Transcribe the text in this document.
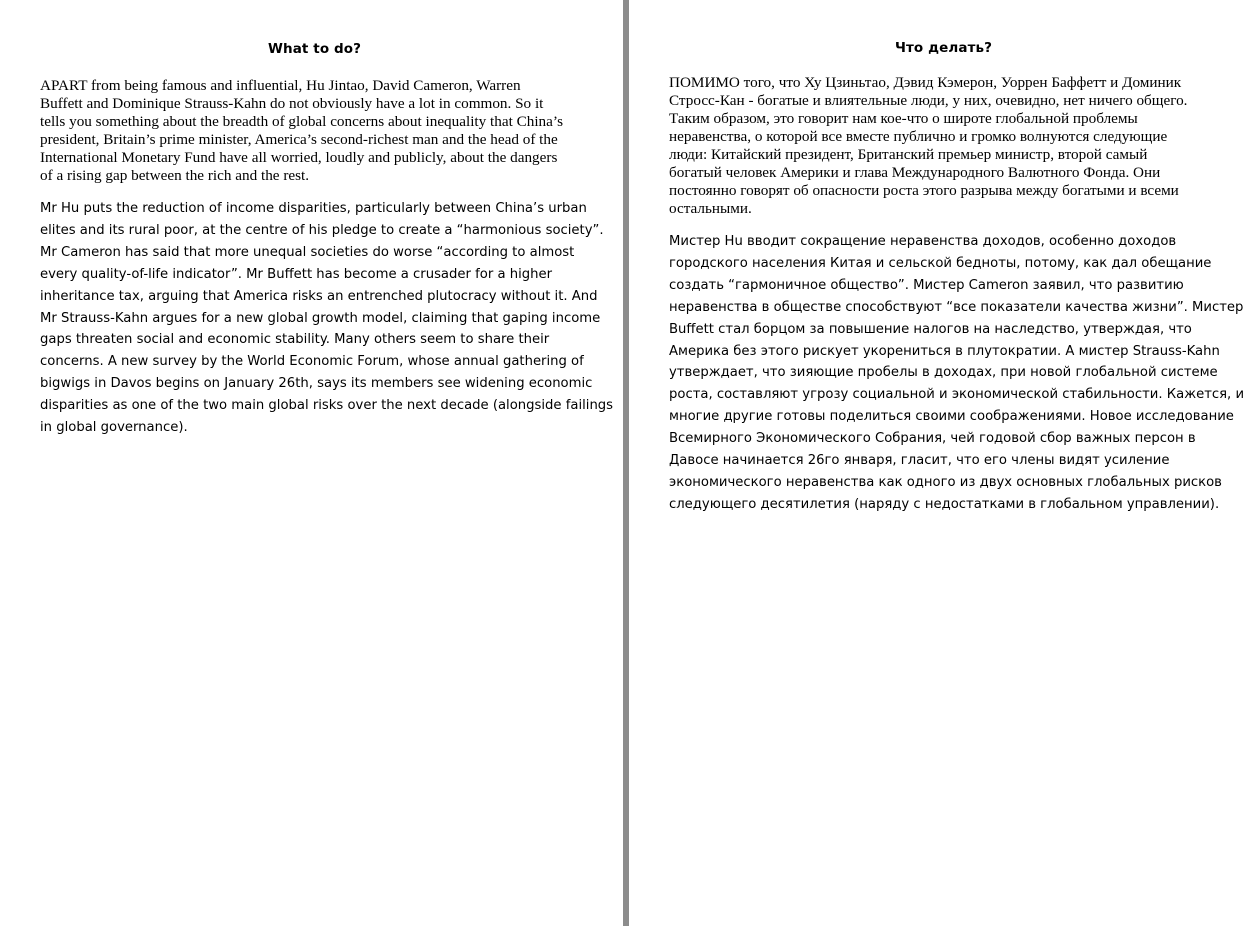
What to do?
APART from being famous and influential, Hu Jintao, David Cameron, Warren
Buffett and Dominique Strauss-Kahn do not obviously have a lot in common. So it
tells you something about the breadth of global concerns about inequality that China’s
president, Britain’s prime minister, America’s second-richest man and the head of the
International Monetary Fund have all worried, loudly and publicly, about the dangers
of a rising gap between the rich and the rest.
Mr Hu puts the reduction of income disparities, particularly between China’s urban
elites and its rural poor, at the centre of his pledge to create a “harmonious society”.
Mr Cameron has said that more unequal societies do worse “according to almost
every quality-of-life indicator”. Mr Buffett has become a crusader for a higher
inheritance tax, arguing that America risks an entrenched plutocracy without it. And
Mr Strauss-Kahn argues for a new global growth model, claiming that gaping income
gaps threaten social and economic stability. Many others seem to share their
concerns. A new survey by the World Economic Forum, whose annual gathering of
bigwigs in Davos begins on January 26th, says its members see widening economic
disparities as one of the two main global risks over the next decade (alongside failings
in global governance).
Что делать?
ПОМИМО того, что Ху Цзиньтао, Дэвид Кэмерон, Уоррен Баффетт и Доминик
Стросс-Кан - богатые и влиятельные люди, у них, очевидно, нет ничего общего.
Таким образом, это говорит нам кое-что о широте глобальной проблемы
неравенства, о которой все вместе публично и громко волнуются следующие
люди: Китайский президент, Британский премьер министр, второй самый
богатый человек Америки и глава Международного Валютного Фонда. Они
постоянно говорят об опасности роста этого разрыва между богатыми и всеми
остальными.
Мистер Hu вводит сокращение неравенства доходов, особенно доходов
городского населения Китая и сельской бедноты, потому, как дал обещание
создать “гармоничное общество”. Мистер Cameron заявил, что развитию
неравенства в обществе способствуют “все показатели качества жизни”. Мистер
Buffett стал борцом за повышение налогов на наследство, утверждая, что
Америка без этого рискует укорениться в плутократии. А мистер Strauss-Kahn
утверждает, что зияющие пробелы в доходах, при новой глобальной системе
роста, составляют угрозу социальной и экономической стабильности. Кажется, и
многие другие готовы поделиться своими соображениями. Новое исследование
Всемирного Экономического Собрания, чей годовой сбор важных персон в
Давосе начинается 26го января, гласит, что его члены видят усиление
экономического неравенства как одного из двух основных глобальных рисков
следующего десятилетия (наряду с недостатками в глобальном управлении).
